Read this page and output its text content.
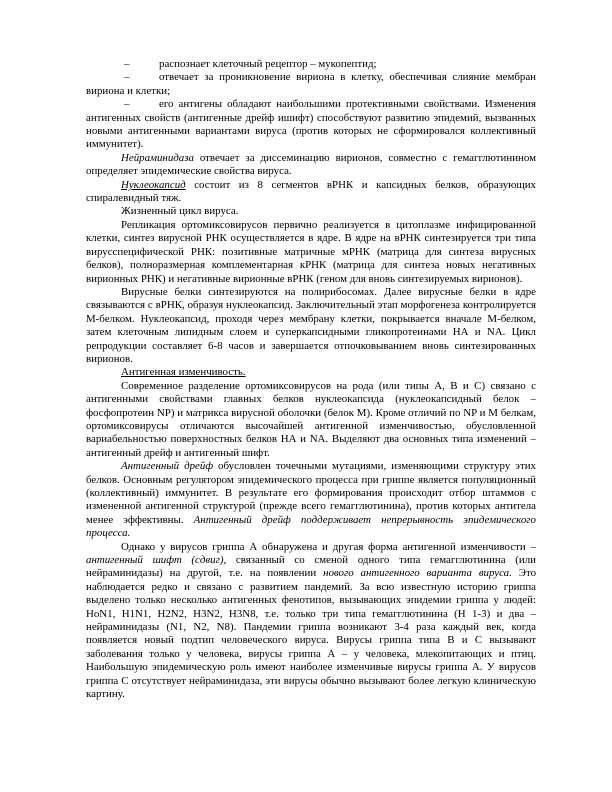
–	распознает клеточный рецептор – мукопептид;

–	отвечает за проникновение вириона в клетку, обеспечивая слияние мембран вириона и клетки;

–	его антигены обладают наибольшими протективными свойствами. Изменения антигенных свойств (антигенные дрейф ишифт) способствуют развитию эпидемий, вызванных новыми антигенными вариантами вируса (против которых не сформировался коллективный иммунитет).

Нейраминидаза отвечает за диссеминацию вирионов, совместно с гемагглютинином определяет эпидемические свойства вируса.

Нуклеокапсид состоит из 8 сегментов вРНК и капсидных белков, образующих спиралевидный тяж.

Жизненный цикл вируса.

Репликация ортомиксовирусов первично реализуется в цитоплазме инфицированной клетки, синтез вирусной РНК осуществляется в ядре. В ядре на вРНК синтезируется три типа вирусспецифической РНК: позитивные матричные мРНК (матрица для синтеза вирусных белков), полноразмерная комплементарная кРНК (матрица для синтеза новых негативных вирионных РНК) и негативные вирионные вРНК (геном для вновь синтезируемых вирионов).

Вирусные белки синтезируются на полирибосомах. Далее вирусные белки в ядре связываются с вРНК, образуя нуклеокапсид. Заключительный этап морфогенеза контролируется М-белком. Нуклеокапсид, проходя через мембрану клетки, покрывается вначале М-белком, затем клеточным липидным слоем и суперкапсидными гликопротеинами НА и NA. Цикл репродукции составляет 6-8 часов и завершается отпочковыванием вновь синтезированных вирионов.

Антигенная изменчивость.

Современное разделение ортомиксовирусов на рода (или типы А, В и С) связано с антигенными свойствами главных белков нуклеокапсида (нуклеокапсидный белок – фосфопротеин NP) и матрикса вирусной оболочки (белок М). Кроме отличий по NP и М белкам, ортомиксовирусы отличаются высочайшей антигенной изменчивостью, обусловленной вариабельностью поверхностных белков НА и NA. Выделяют два основных типа изменений – антигенный дрейф и антигенный шифт.

Антигенный дрейф обусловлен точечными мутациями, изменяющими структуру этих белков. Основным регулятором эпидемического процесса при гриппе является популяционный (коллективный) иммунитет. В результате его формирования происходит отбор штаммов с измененной антигенной структурой (прежде всего гемагглютинина), против которых антитела менее эффективны. Антигенный дрейф поддерживает непрерывность эпидемического процесса.

Однако у вирусов гриппа А обнаружена и другая форма антигенной изменчивости – антигенный шифт (сдвиг), связанный со сменой одного типа гемагглютинина (или нейраминидазы) на другой, т.е. на появлении нового антигенного варианта вируса. Это наблюдается редко и связано с развитием пандемий. За всю известную историю гриппа выделено только несколько антигенных фенотипов, вызывающих эпидемии гриппа у людей: HoN1, H1N1, H2N2, H3N2, H3N8, т.е. только три типа гемагглютинина (Н 1-3) и два – нейраминидазы (N1, N2, N8). Пандемии гриппа возникают 3-4 раза каждый век, когда появляется новый подтип человеческого вируса. Вирусы гриппа типа В и С вызывают заболевания только у человека, вирусы гриппа А – у человека, млекопитающих и птиц. Наибольшую эпидемическую роль имеют наиболее изменчивые вирусы гриппа А. У вирусов гриппа С отсутствует нейраминидаза, эти вирусы обычно вызывают более легкую клиническую картину.
